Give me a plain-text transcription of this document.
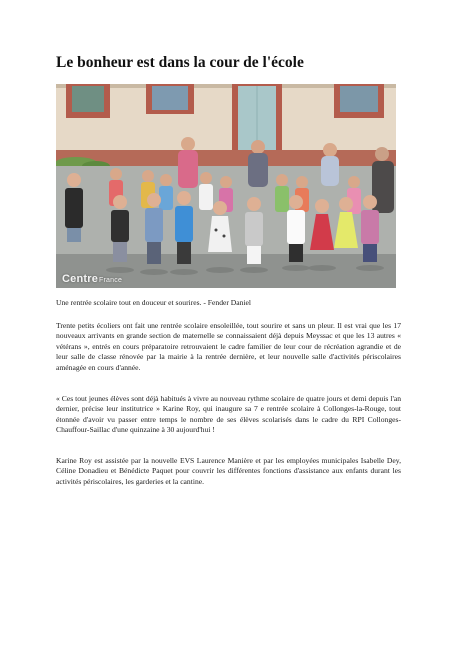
Le bonheur est dans la cour de l'école
CentreFrance

Une rentrée scolaire tout en douceur et sourires. - Fender Daniel

Trente petits écoliers ont fait une rentrée scolaire ensoleillée, tout sourire et sans un pleur. Il est vrai que les 17 nouveaux arrivants en grande section de maternelle se connaissaient déjà depuis Meyssac et que les 13 autres « vétérans », entrés en cours préparatoire retrouvaient le cadre familier de leur cour de récréation agrandie et de leur salle de classe rénovée par la mairie à la rentrée dernière, et leur nouvelle salle d'activités périscolaires aménagée en cours d'année.

« Ces tout jeunes élèves sont déjà habitués à vivre au nouveau rythme scolaire de quatre jours et demi depuis l'an dernier, précise leur institutrice » Karine Roy, qui inaugure sa 7 e rentrée scolaire à Collonges-la-Rouge, tout étonnée d'avoir vu passer entre temps le nombre de ses élèves scolarisés dans le cadre du RPI Collonges-Chauffour-Saillac d'une quinzaine à 30 aujourd'hui !

Karine Roy est assistée par la nouvelle EVS Laurence Manière et par les employées municipales Isabelle Dey, Céline Donadieu et Bénédicte Paquet pour couvrir les différentes fonctions d'assistance aux enfants durant les activités périscolaires, les garderies et la cantine.
